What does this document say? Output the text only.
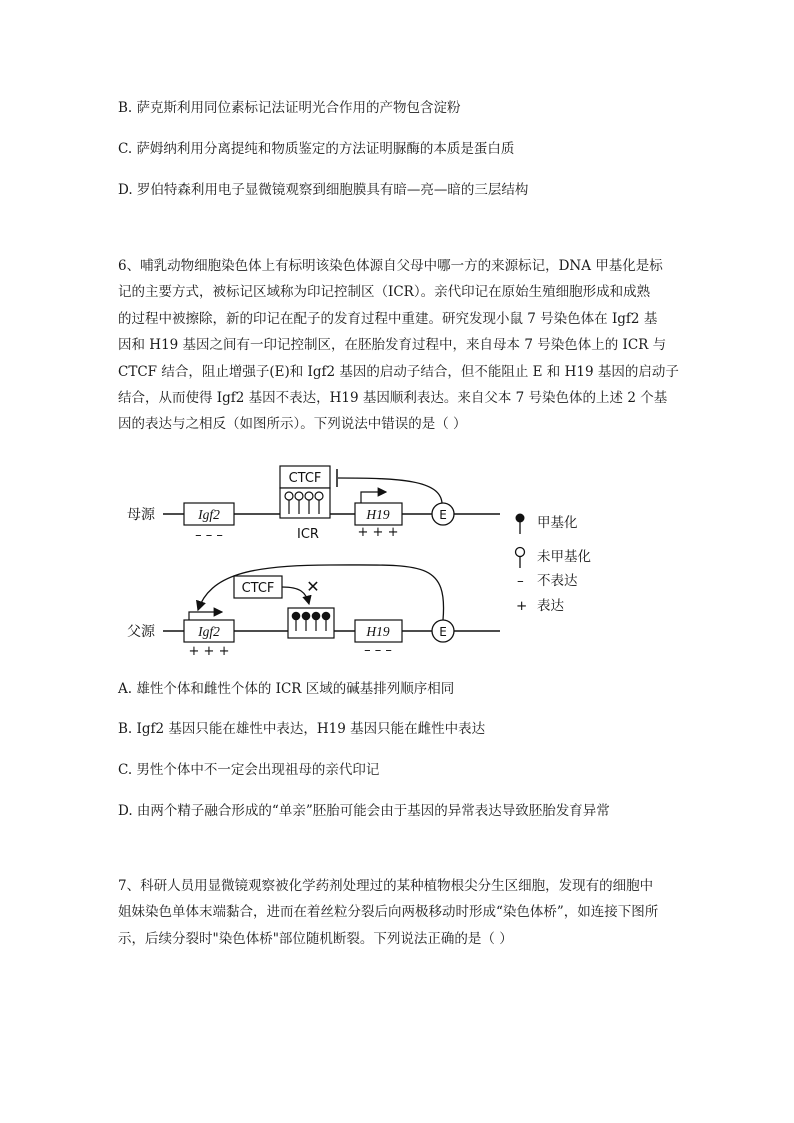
B. 萨克斯利用同位素标记法证明光合作用的产物包含淀粉
C. 萨姆纳利用分离提纯和物质鉴定的方法证明脲酶的本质是蛋白质
D. 罗伯特森利用电子显微镜观察到细胞膜具有暗—亮—暗的三层结构
6、哺乳动物细胞染色体上有标明该染色体源自父母中哪一方的来源标记，DNA 甲基化是标
记的主要方式，被标记区域称为印记控制区（ICR）。亲代印记在原始生殖细胞形成和成熟
的过程中被擦除，新的印记在配子的发育过程中重建。研究发现小鼠 7 号染色体在 Igf2 基
因和 H19 基因之间有一印记控制区，在胚胎发育过程中，来自母本 7 号染色体上的 ICR 与
CTCF 结合，阻止增强子(E)和 Igf2 基因的启动子结合，但不能阻止 E 和 H19 基因的启动子
结合，从而使得 Igf2 基因不表达，H19 基因顺利表达。来自父本 7 号染色体的上述 2 个基
因的表达与之相反（如图所示）。下列说法中错误的是（ ）
母源	Igf2
– – –
CTCF
ICR
H19
+ + +
E	甲基化
未甲基化
– 不表达
+ 表达
父源	Igf2
+ + +
CTCF ✕
H19
– – –
E
A. 雄性个体和雌性个体的 ICR 区域的碱基排列顺序相同
B. Igf2 基因只能在雄性中表达，H19 基因只能在雌性中表达
C. 男性个体中不一定会出现祖母的亲代印记
D. 由两个精子融合形成的“单亲”胚胎可能会由于基因的异常表达导致胚胎发育异常
7、科研人员用显微镜观察被化学药剂处理过的某种植物根尖分生区细胞，发现有的细胞中
姐妹染色单体末端黏合，进而在着丝粒分裂后向两极移动时形成“染色体桥”，如连接下图所
示，后续分裂时"染色体桥"部位随机断裂。下列说法正确的是（ ）
